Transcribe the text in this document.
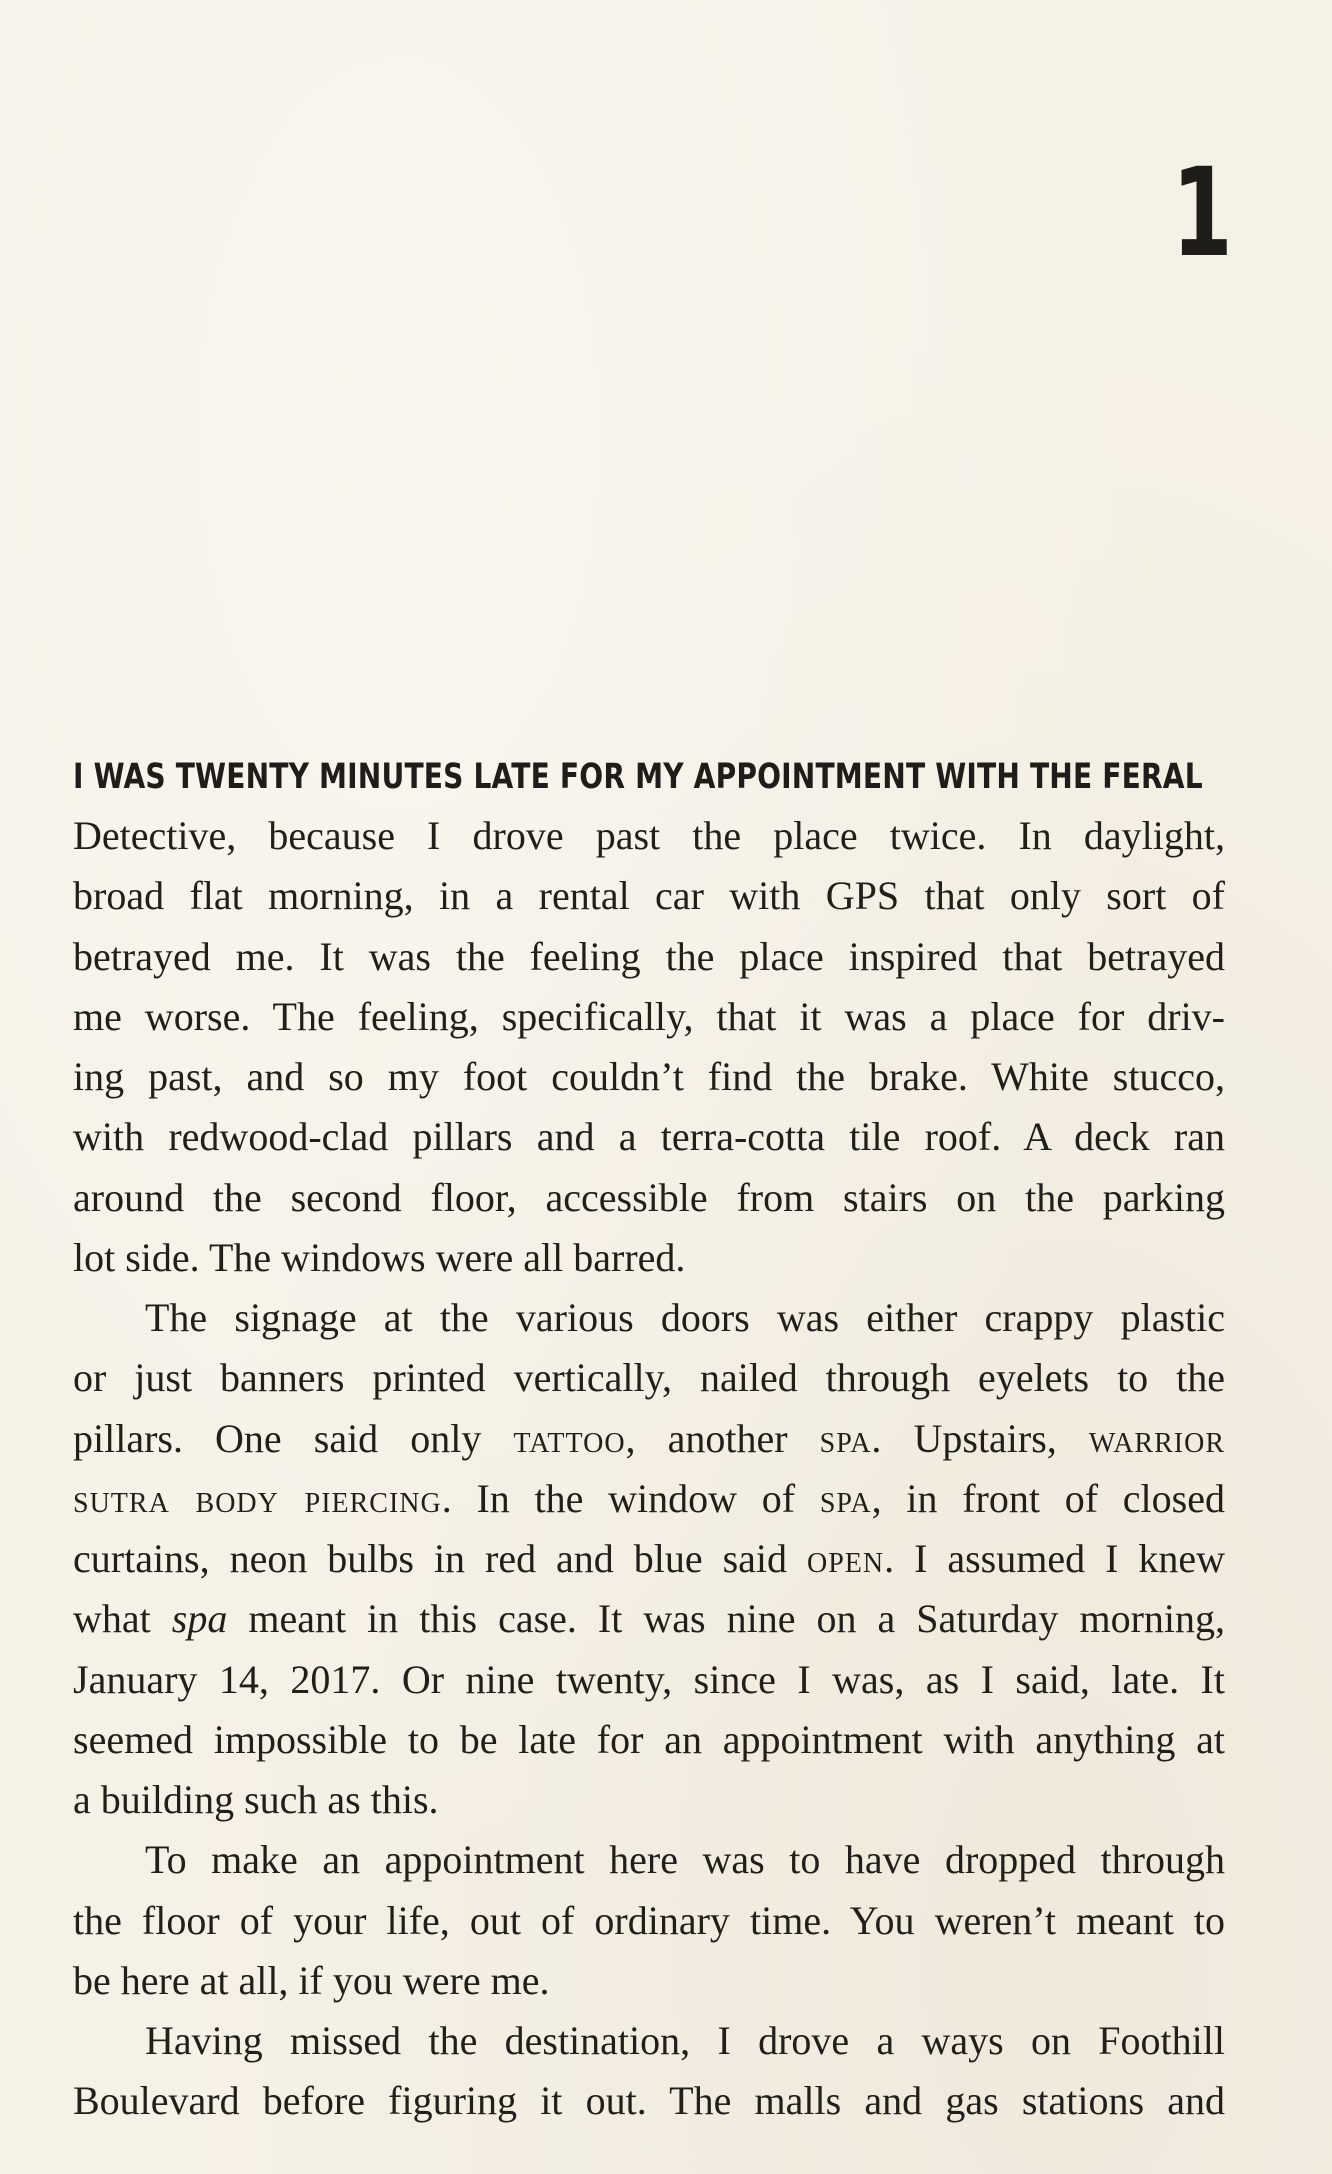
1
I WAS TWENTY MINUTES LATE FOR MY APPOINTMENT WITH THE FERAL
Detective, because I drove past the place twice. In daylight,
broad flat morning, in a rental car with GPS that only sort of
betrayed me. It was the feeling the place inspired that betrayed
me worse. The feeling, specifically, that it was a place for driv-
ing past, and so my foot couldn’t find the brake. White stucco,
with redwood-clad pillars and a terra-cotta tile roof. A deck ran
around the second floor, accessible from stairs on the parking
lot side. The windows were all barred.
The signage at the various doors was either crappy plastic
or just banners printed vertically, nailed through eyelets to the
pillars. One said only tattoo, another spa. Upstairs, warrior
sutra body piercing. In the window of spa, in front of closed
curtains, neon bulbs in red and blue said open. I assumed I knew
what spa meant in this case. It was nine on a Saturday morning,
January 14, 2017. Or nine twenty, since I was, as I said, late. It
seemed impossible to be late for an appointment with anything at
a building such as this.
To make an appointment here was to have dropped through
the floor of your life, out of ordinary time. You weren’t meant to
be here at all, if you were me.
Having missed the destination, I drove a ways on Foothill
Boulevard before figuring it out. The malls and gas stations and
